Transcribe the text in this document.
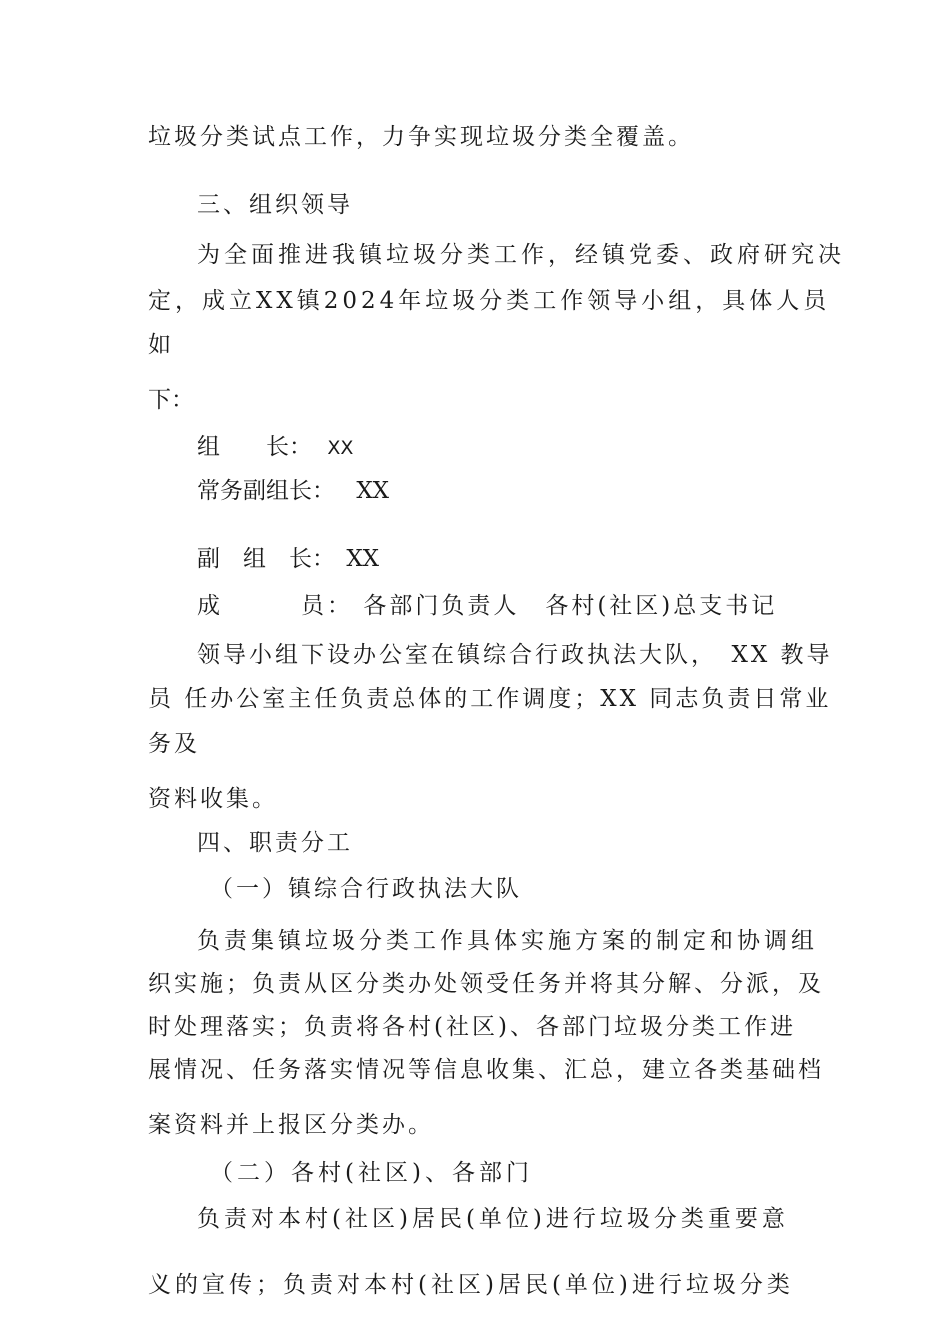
垃圾分类试点工作，力争实现垃圾分类全覆盖。

三、组织领导

为全面推进我镇垃圾分类工作，经镇党委、政府研究决

定，成立XX镇2024年垃圾分类工作领导小组，具体人员

如

下：

组　　长： XX
常务副组长： XX
副　组　长： XX
成　　　员： 各部门负责人　各村(社区)总支书记

领导小组下设办公室在镇综合行政执法大队，　XX 教导

员 任办公室主任负责总体的工作调度；XX 同志负责日常业

务及

资料收集。

四、职责分工

（一）镇综合行政执法大队

负责集镇垃圾分类工作具体实施方案的制定和协调组

织实施；负责从区分类办处领受任务并将其分解、分派，及

时处理落实；负责将各村(社区)、各部门垃圾分类工作进

展情况、任务落实情况等信息收集、汇总，建立各类基础档

案资料并上报区分类办。

（二）各村(社区)、各部门

负责对本村(社区)居民(单位)进行垃圾分类重要意

义的宣传；负责对本村(社区)居民(单位)进行垃圾分类
